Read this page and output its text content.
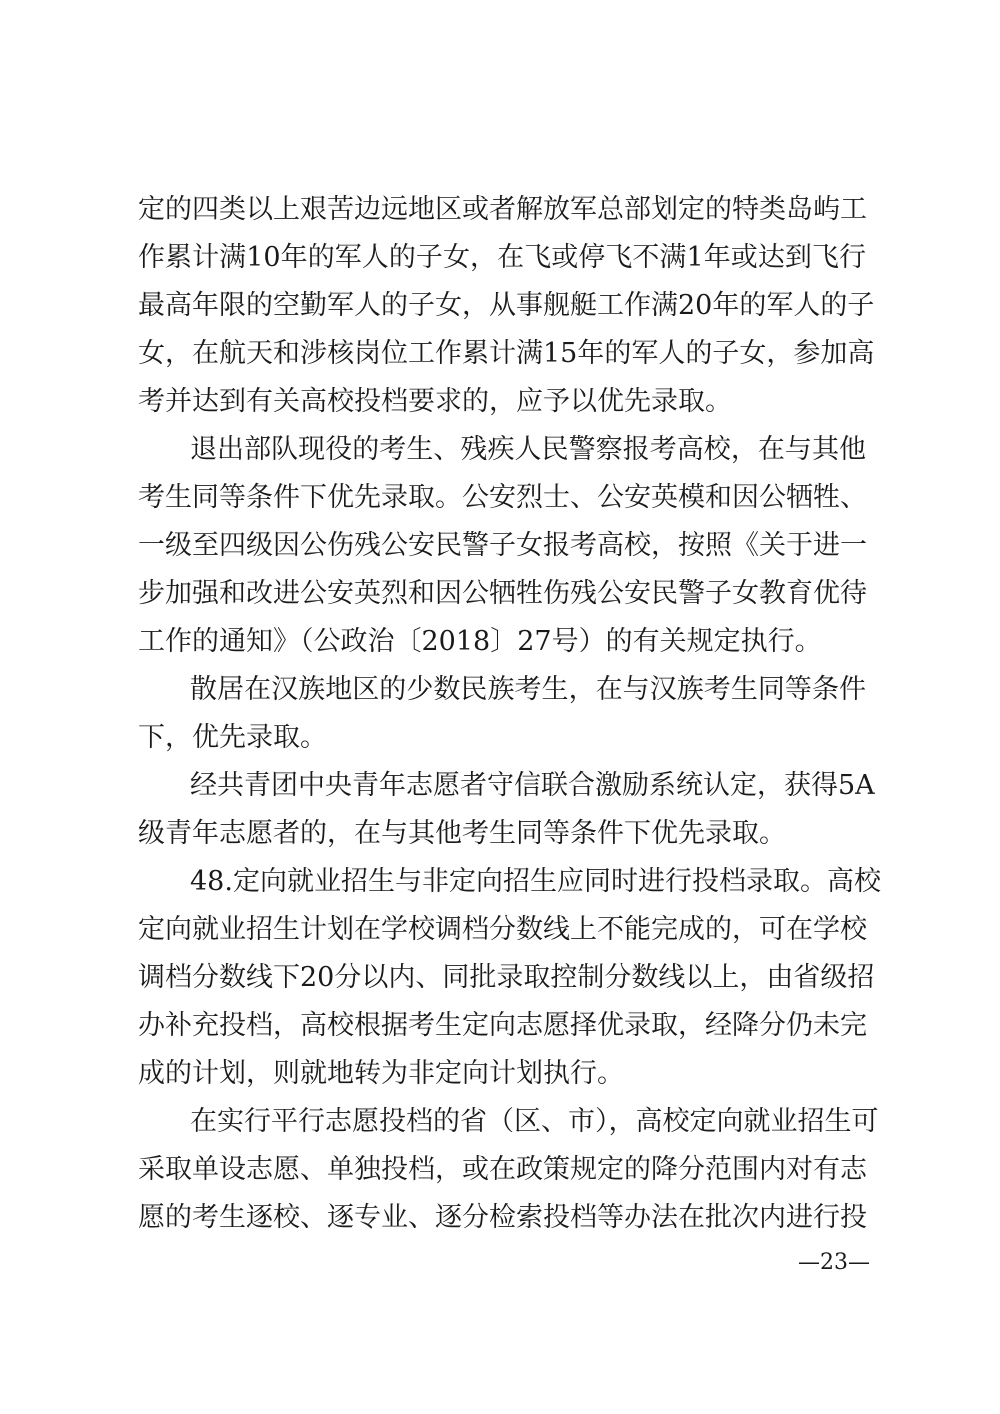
定的四类以上艰苦边远地区或者解放军总部划定的特类岛屿工
作累计满10年的军人的子女，在飞或停飞不满1年或达到飞行
最高年限的空勤军人的子女，从事舰艇工作满20年的军人的子
女，在航天和涉核岗位工作累计满15年的军人的子女，参加高
考并达到有关高校投档要求的，应予以优先录取。
退出部队现役的考生、残疾人民警察报考高校，在与其他
考生同等条件下优先录取。公安烈士、公安英模和因公牺牲、
一级至四级因公伤残公安民警子女报考高校，按照《关于进一
步加强和改进公安英烈和因公牺牲伤残公安民警子女教育优待
工作的通知》（公政治〔2018〕27号）的有关规定执行。
散居在汉族地区的少数民族考生，在与汉族考生同等条件
下，优先录取。
经共青团中央青年志愿者守信联合激励系统认定，获得5A
级青年志愿者的，在与其他考生同等条件下优先录取。
48.定向就业招生与非定向招生应同时进行投档录取。高校
定向就业招生计划在学校调档分数线上不能完成的，可在学校
调档分数线下20分以内、同批录取控制分数线以上，由省级招
办补充投档，高校根据考生定向志愿择优录取，经降分仍未完
成的计划，则就地转为非定向计划执行。
在实行平行志愿投档的省（区、市），高校定向就业招生可
采取单设志愿、单独投档，或在政策规定的降分范围内对有志
愿的考生逐校、逐专业、逐分检索投档等办法在批次内进行投
—23—
